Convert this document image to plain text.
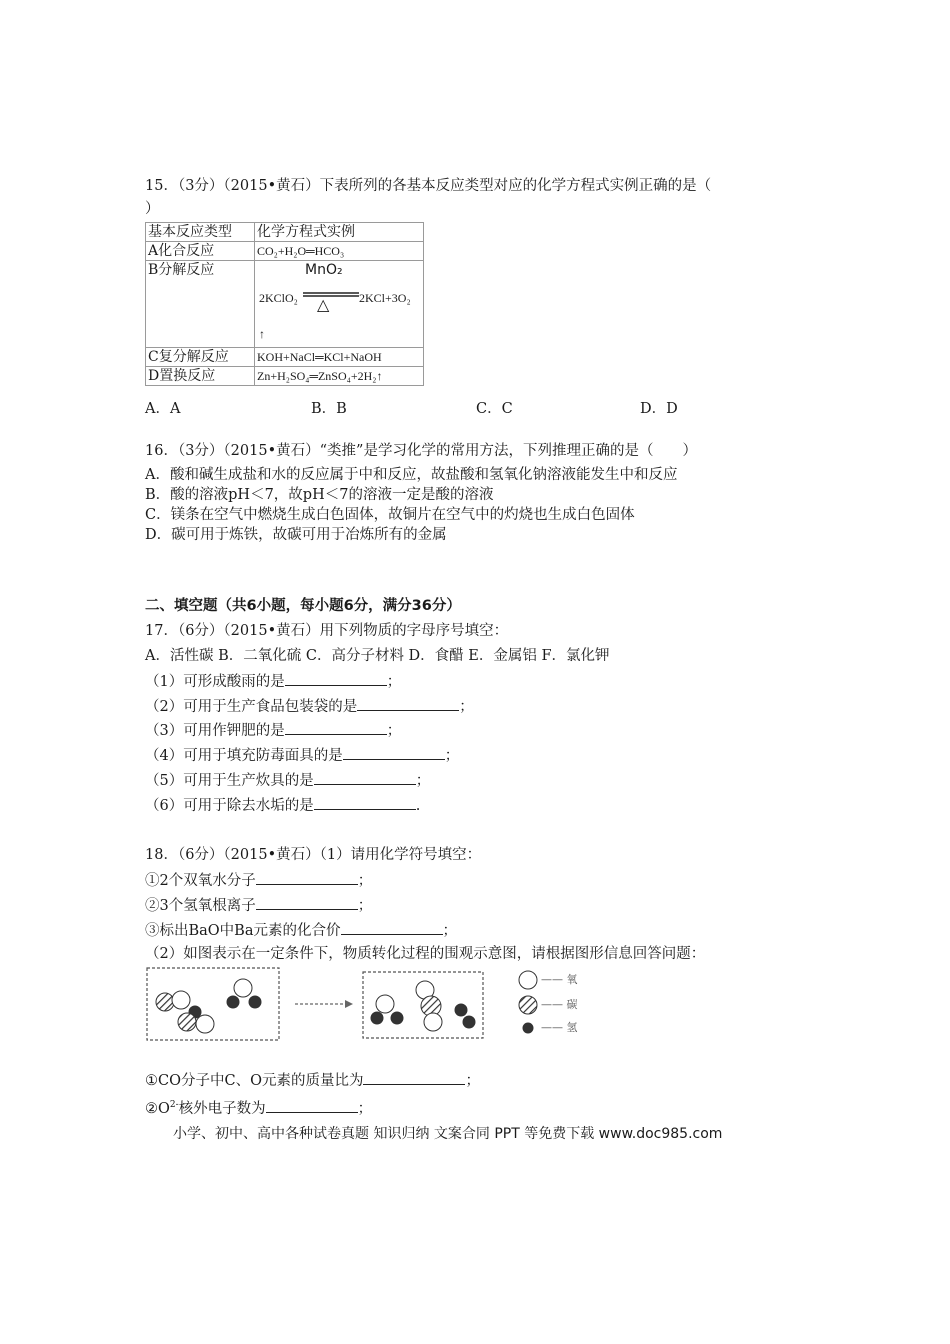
15．（3分）（2015•黄石）下表所列的各基本反应类型对应的化学方程式实例正确的是（
）
基本反应类型	化学方程式实例
A化合反应	CO₂+H₂O═HCO₃
B分解反应	MnO₂
2KClO₂ △ 2KCl+3O₂
↑

C复分解反应	KOH+NaCl═KCl+NaOH
D置换反应	Zn+H₂SO₄═ZnSO₄+2H₂↑
A．A	B．B	C．C	D．D
16．（3分）（2015•黄石）“类推”是学习化学的常用方法，下列推理正确的是（　　）
A．酸和碱生成盐和水的反应属于中和反应，故盐酸和氢氧化钠溶液能发生中和反应
B．酸的溶液pH＜7，故pH＜7的溶液一定是酸的溶液
C．镁条在空气中燃烧生成白色固体，故铜片在空气中的灼烧也生成白色固体
D．碳可用于炼铁，故碳可用于冶炼所有的金属
二、填空题（共6小题，每小题6分，满分36分）
17．（6分）（2015•黄石）用下列物质的字母序号填空：
A．活性碳 B．二氧化硫 C．高分子材料 D．食醋 E．金属铝 F．氯化钾
（1）可形成酸雨的是	；
（2）可用于生产食品包装袋的是	；
（3）可用作钾肥的是	；
（4）可用于填充防毒面具的是	；
（5）可用于生产炊具的是	；
（6）可用于除去水垢的是	.
18．（6分）（2015•黄石）（1）请用化学符号填空：
①2个双氧水分子	；
②3个氢氧根离子	；
③标出BaO中Ba元素的化合价	；
（2）如图表示在一定条件下，物质转化过程的围观示意图，请根据图形信息回答问题：
—— 氧
—— 碳
—— 氢
①CO分子中C、O元素的质量比为	；
$②O^{2-}$核外电子数为	；
小学、初中、高中各种试卷真题 知识归纳 文案合同 PPT 等免费下载 www.doc985.com
